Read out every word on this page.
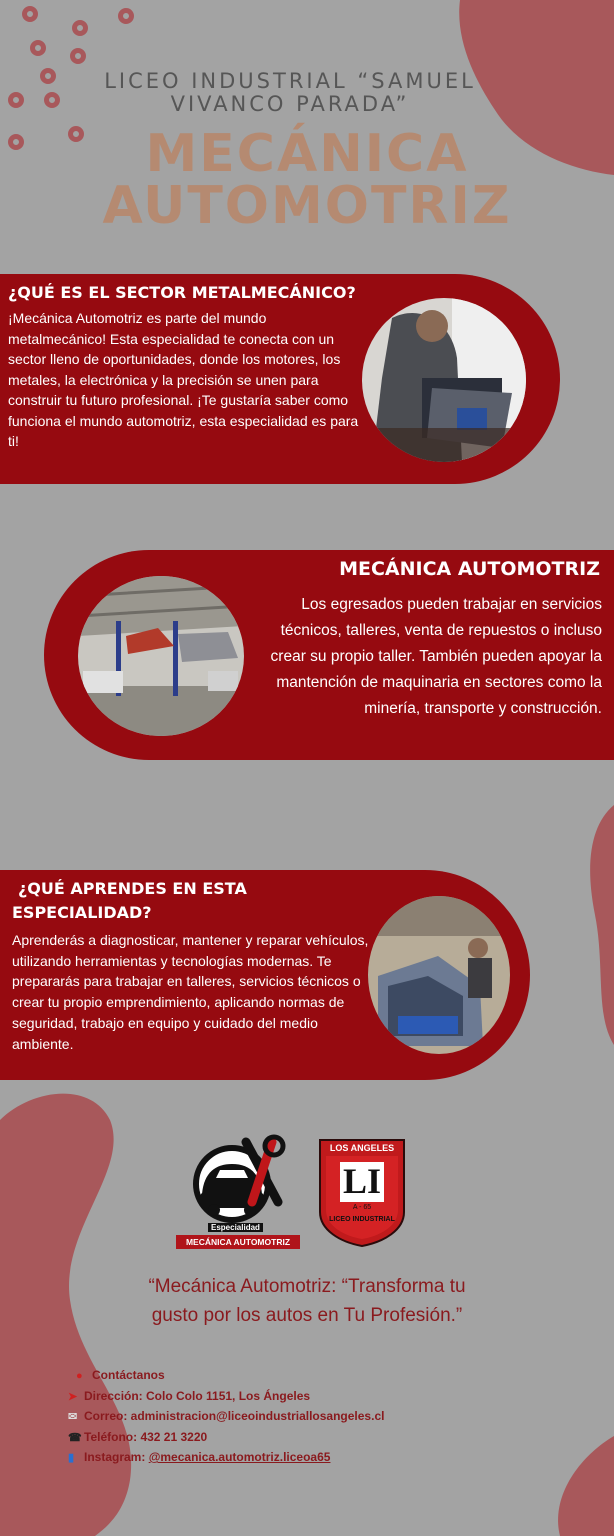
LICEO INDUSTRIAL “SAMUEL VIVANCO PARADA”
MECÁNICA
AUTOMOTRIZ
¿QUÉ ES EL SECTOR METALMECÁNICO?
¡Mecánica Automotriz es parte del mundo metalmecánico! Esta especialidad te conecta con un sector lleno de oportunidades, donde los motores, los metales, la electrónica y la precisión se unen para construir tu futuro profesional. ¡Te gustaría saber como funciona el mundo automotriz, esta especialidad es para ti!
MECÁNICA AUTOMOTRIZ
Los egresados pueden trabajar en servicios técnicos, talleres, venta de repuestos o incluso crear su propio taller. También pueden apoyar la mantención de maquinaria en sectores como la minería, transporte y construcción.
¿QUÉ APRENDES EN ESTA
ESPECIALIDAD?
Aprenderás a diagnosticar, mantener y reparar vehículos, utilizando herramientas y tecnologías modernas. Te prepararás para trabajar en talleres, servicios técnicos o crear tu propio emprendimiento, aplicando normas de seguridad, trabajo en equipo y cuidado del medio ambiente.
Especialidad
MECÁNICA AUTOMOTRIZ
LOS ANGELES
LI
A - 65
LICEO INDUSTRIAL
“Mecánica Automotriz: “Transforma tu
gusto por los autos en Tu Profesión.”
● Contáctanos
➤ Dirección: Colo Colo 1151, Los Ángeles
✉ Correo: administracion@liceoindustriallosangeles.cl
☎ Teléfono: 432 21 3220
▮ Instagram: @mecanica.automotriz.liceoa65
